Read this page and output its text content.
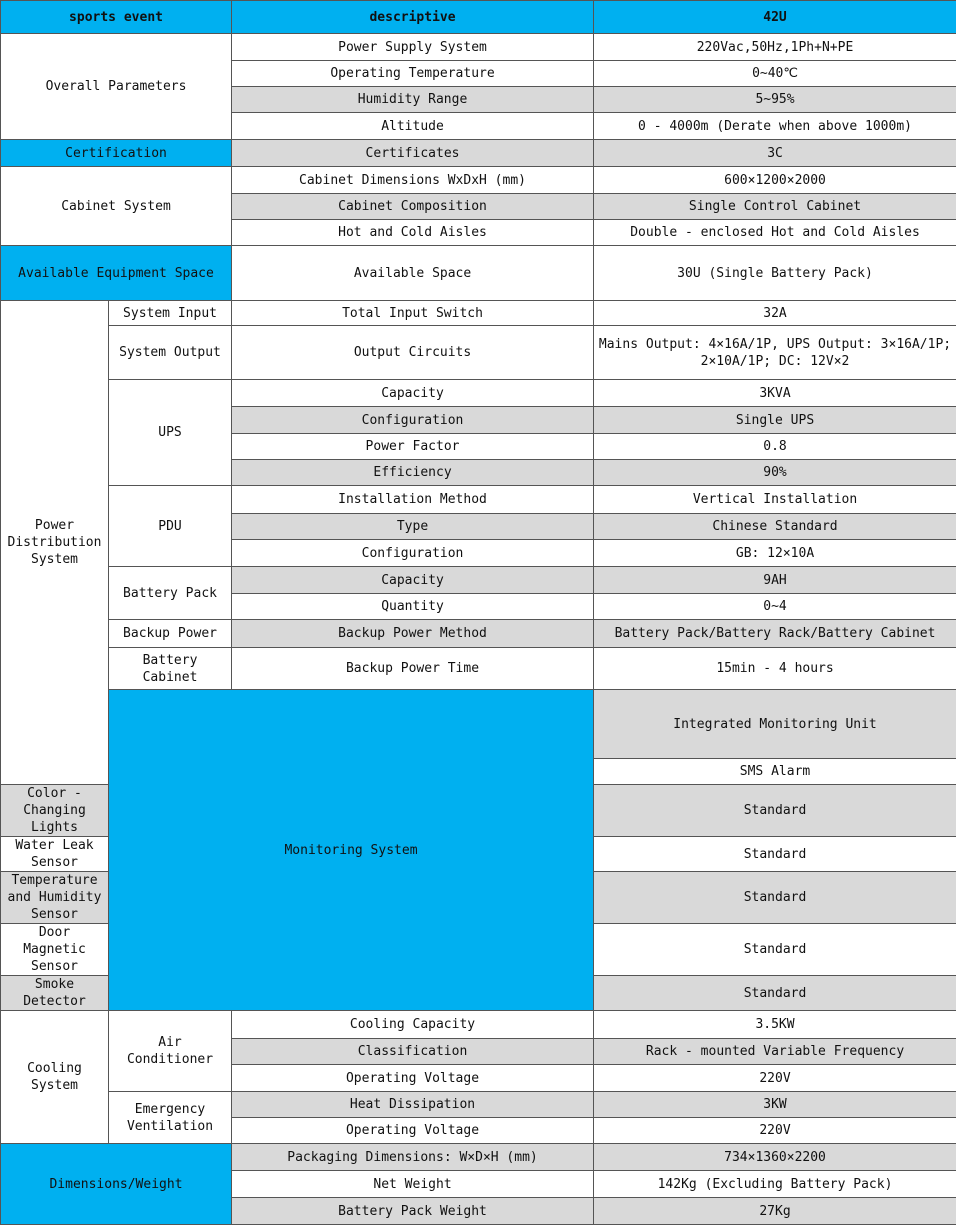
sports event		descriptive	42U	
Overall Parameters		Power Supply System	220Vac,50Hz,1Ph+N+PE	
		Operating Temperature	0~40℃	
		Humidity Range	5~95%	
		Altitude	0 - 4000m (Derate when above 1000m)	
Certification		Certificates	3C	
Cabinet System		Cabinet Dimensions WxDxH (mm)	600×1200×2000	
		Cabinet Composition	Single Control Cabinet	
		Hot and Cold Aisles	Double - enclosed Hot and Cold Aisles	
Available Equipment Space		Available Space	30U (Single Battery Pack)	
Power Distribution System	System Input	Total Input Switch	32A	
	System Output	Output Circuits	Mains Output: 4×16A/1P, UPS Output: 3×16A/1P; 2×10A/1P; DC: 12V×2	
	UPS	Capacity	3KVA	
		Configuration	Single UPS	
		Power Factor	0.8	
		Efficiency	90%	
	PDU	Installation Method	Vertical Installation	
		Type	Chinese Standard	
		Configuration	GB: 12×10A	
	Battery Pack	Capacity	9AH	
		Quantity	0~4	
	Backup Power	Backup Power Method	Battery Pack/Battery Rack/Battery Cabinet	
	Battery Cabinet	Backup Power Time	15min - 4 hours	
	Monitoring System		Integrated Monitoring Unit	
			SMS Alarm	
Color - Changing Lights			Standard	
Water Leak Sensor			Standard	
Temperature and Humidity Sensor			Standard	
Door Magnetic Sensor			Standard	
Smoke Detector			Standard	
Cooling System	Air Conditioner	Cooling Capacity	3.5KW	
		Classification	Rack - mounted Variable Frequency	
		Operating Voltage	220V	
	Emergency Ventilation	Heat Dissipation	3KW	
		Operating Voltage	220V	
Dimensions/Weight		Packaging Dimensions: W×D×H (mm)	734×1360×2200	
		Net Weight	142Kg (Excluding Battery Pack)	
		Battery Pack Weight	27Kg	
